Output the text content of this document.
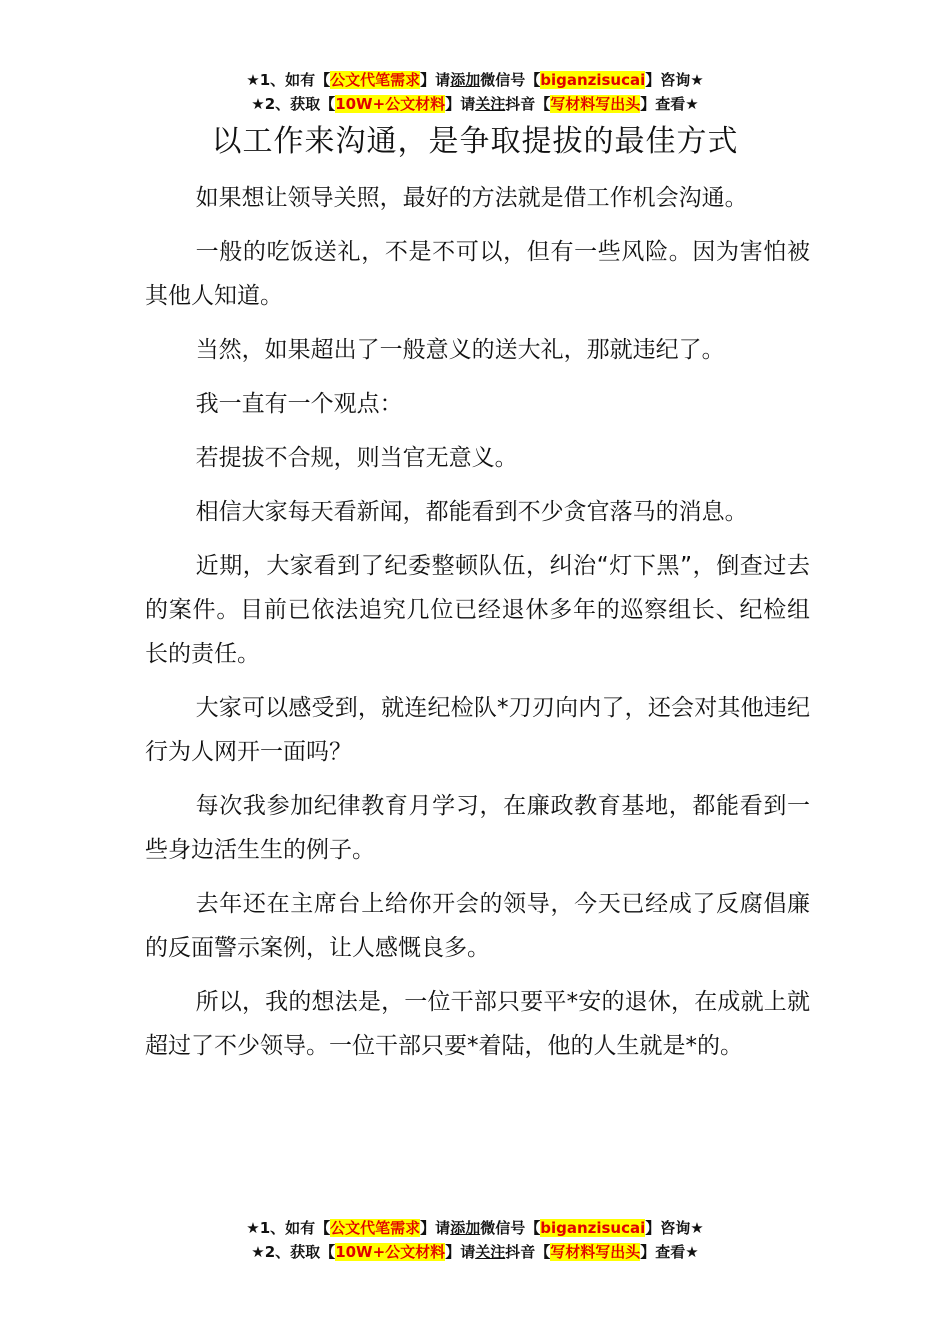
★1、如有【公文代笔需求】请添加微信号【biganzisucai】咨询★
★2、获取【10W+公文材料】请关注抖音【写材料写出头】查看★
以工作来沟通，是争取提拔的最佳方式

如果想让领导关照，最好的方法就是借工作机会沟通。

一般的吃饭送礼，不是不可以，但有一些风险。因为害怕被其他人知道。

当然，如果超出了一般意义的送大礼，那就违纪了。

我一直有一个观点：

若提拔不合规，则当官无意义。

相信大家每天看新闻，都能看到不少贪官落马的消息。

近期，大家看到了纪委整顿队伍，纠治“灯下黑”，倒查过去的案件。目前已依法追究几位已经退休多年的巡察组长、纪检组长的责任。

大家可以感受到，就连纪检队*刀刃向内了，还会对其他违纪行为人网开一面吗？

每次我参加纪律教育月学习，在廉政教育基地，都能看到一些身边活生生的例子。

去年还在主席台上给你开会的领导，今天已经成了反腐倡廉的反面警示案例，让人感慨良多。

所以，我的想法是，一位干部只要平*安的退休，在成就上就超过了不少领导。一位干部只要*着陆，他的人生就是*的。

★1、如有【公文代笔需求】请添加微信号【biganzisucai】咨询★
★2、获取【10W+公文材料】请关注抖音【写材料写出头】查看★
